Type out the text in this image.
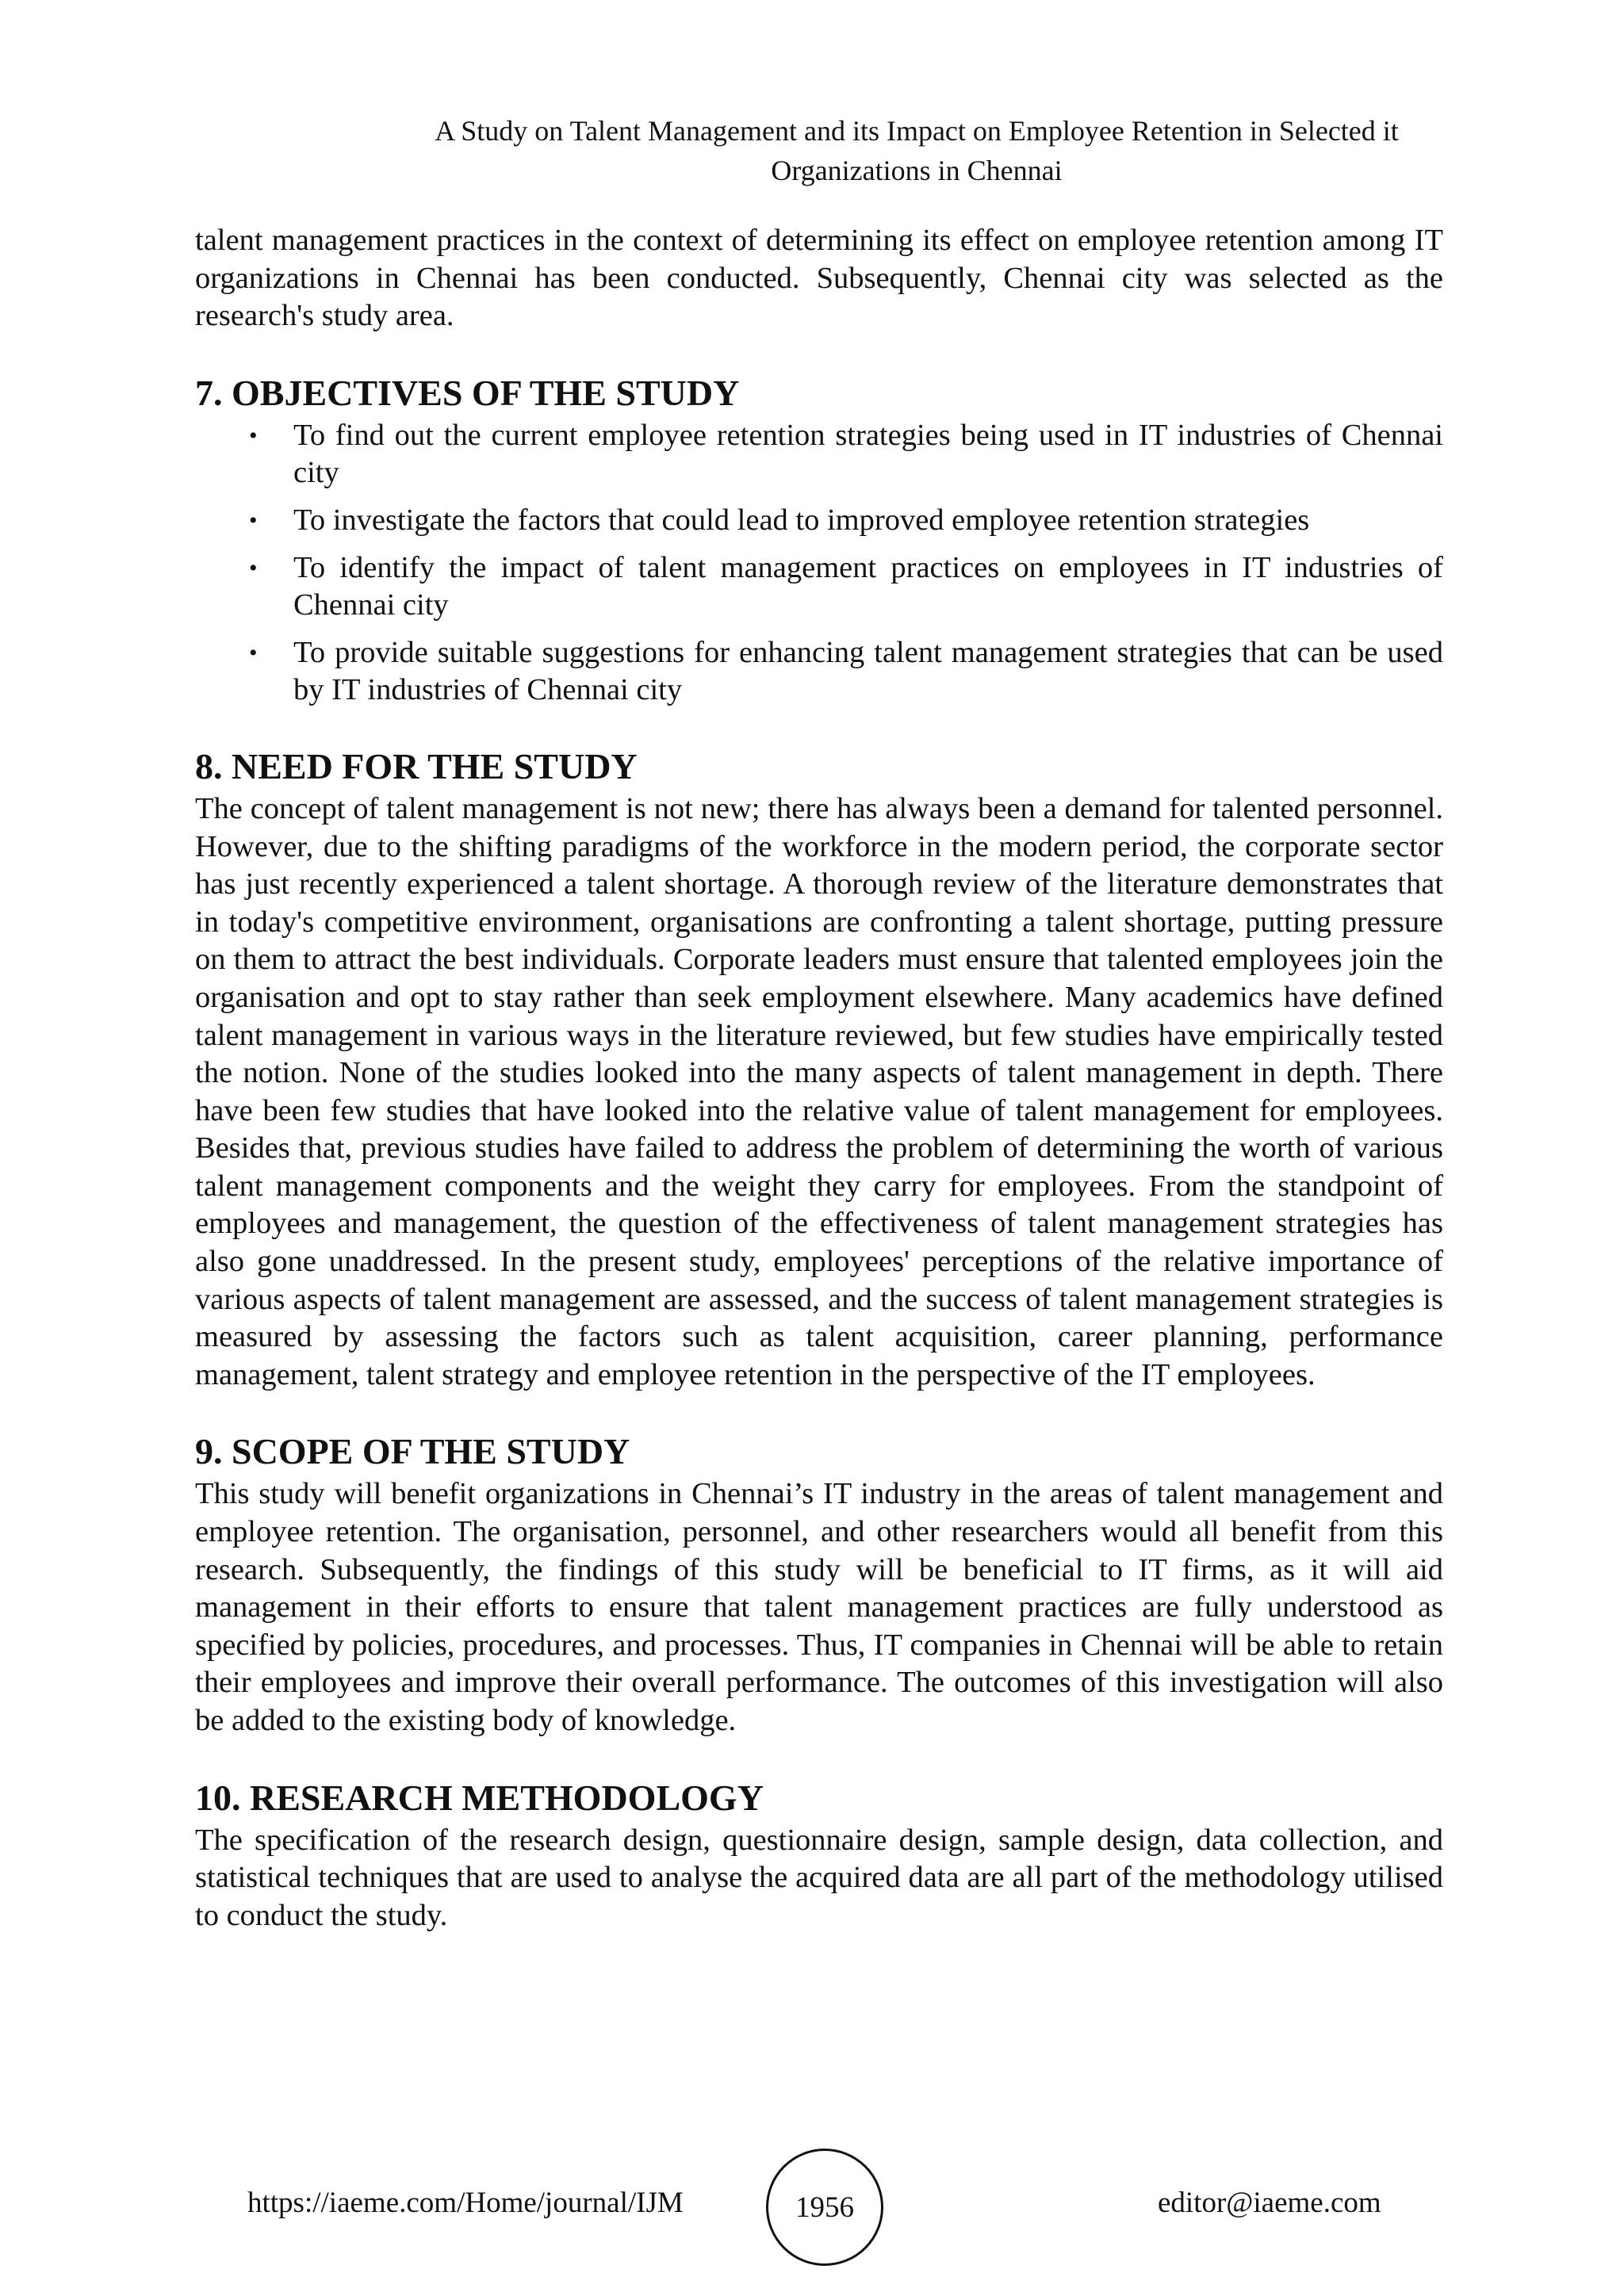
A Study on Talent Management and its Impact on Employee Retention in Selected it
Organizations in Chennai

talent management practices in the context of determining its effect on employee retention among IT organizations in Chennai has been conducted. Subsequently, Chennai city was selected as the research's study area.

7. OBJECTIVES OF THE STUDY
• To find out the current employee retention strategies being used in IT industries of Chennai city
• To investigate the factors that could lead to improved employee retention strategies
• To identify the impact of talent management practices on employees in IT industries of Chennai city
• To provide suitable suggestions for enhancing talent management strategies that can be used by IT industries of Chennai city
8. NEED FOR THE STUDY

The concept of talent management is not new; there has always been a demand for talented personnel. However, due to the shifting paradigms of the workforce in the modern period, the corporate sector has just recently experienced a talent shortage. A thorough review of the literature demonstrates that in today's competitive environment, organisations are confronting a talent shortage, putting pressure on them to attract the best individuals. Corporate leaders must ensure that talented employees join the organisation and opt to stay rather than seek employment elsewhere. Many academics have defined talent management in various ways in the literature reviewed, but few studies have empirically tested the notion. None of the studies looked into the many aspects of talent management in depth. There have been few studies that have looked into the relative value of talent management for employees. Besides that, previous studies have failed to address the problem of determining the worth of various talent management components and the weight they carry for employees. From the standpoint of employees and management, the question of the effectiveness of talent management strategies has also gone unaddressed. In the present study, employees' perceptions of the relative importance of various aspects of talent management are assessed, and the success of talent management strategies is measured by assessing the factors such as talent acquisition, career planning, performance management, talent strategy and employee retention in the perspective of the IT employees.

9. SCOPE OF THE STUDY

This study will benefit organizations in Chennai’s IT industry in the areas of talent management and employee retention. The organisation, personnel, and other researchers would all benefit from this research. Subsequently, the findings of this study will be beneficial to IT firms, as it will aid management in their efforts to ensure that talent management practices are fully understood as specified by policies, procedures, and processes. Thus, IT companies in Chennai will be able to retain their employees and improve their overall performance. The outcomes of this investigation will also be added to the existing body of knowledge.

10. RESEARCH METHODOLOGY

The specification of the research design, questionnaire design, sample design, data collection, and statistical techniques that are used to analyse the acquired data are all part of the methodology utilised to conduct the study.

https://iaeme.com/Home/journal/IJM	1956	editor@iaeme.com
